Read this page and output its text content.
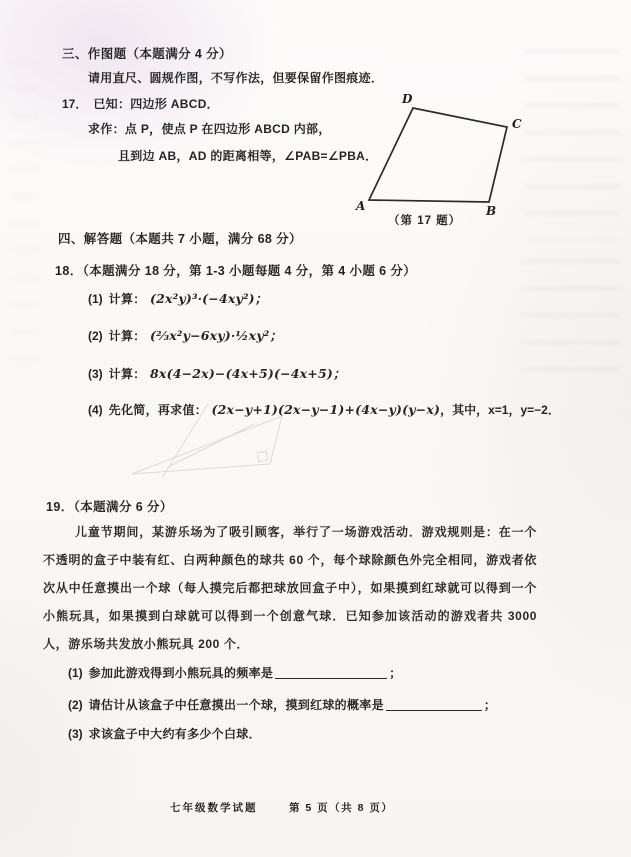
三、作图题（本题满分 4 分）
请用直尺、圆规作图，不写作法，但要保留作图痕迹．
17． 已知：四边形 ABCD．
求作：点 P，使点 P 在四边形 ABCD 内部，
且到边 AB，AD 的距离相等，∠PAB=∠PBA．
D
C
B
A
（第 17 题）
四、解答题（本题共 7 小题，满分 68 分）
18．（本题满分 18 分，第 1-3 小题每题 4 分，第 4 小题 6 分）
(1) 计算： (2x²y)³·(−4xy²)；
(2) 计算： (⅔x²y−6xy)·½xy²；
(3) 计算： 8x(4−2x)−(4x+5)(−4x+5)；
(4) 先化简，再求值： (2x−y+1)(2x−y−1)+(4x−y)(y−x)，其中，x=1，y=−2．
19．（本题满分 6 分）
儿童节期间，某游乐场为了吸引顾客，举行了一场游戏活动．游戏规则是：在一个不透明的盒子中装有红、白两种颜色的球共 60 个，每个球除颜色外完全相同，游戏者依次从中任意摸出一个球（每人摸完后都把球放回盒子中），如果摸到红球就可以得到一个小熊玩具，如果摸到白球就可以得到一个创意气球．已知参加该活动的游戏者共 3000 人，游乐场共发放小熊玩具 200 个．
(1) 参加此游戏得到小熊玩具的频率是	；
(2) 请估计从该盒子中任意摸出一个球，摸到红球的概率是	；
(3) 求该盒子中大约有多少个白球．
七年级数学试题	第 5 页（共 8 页）
